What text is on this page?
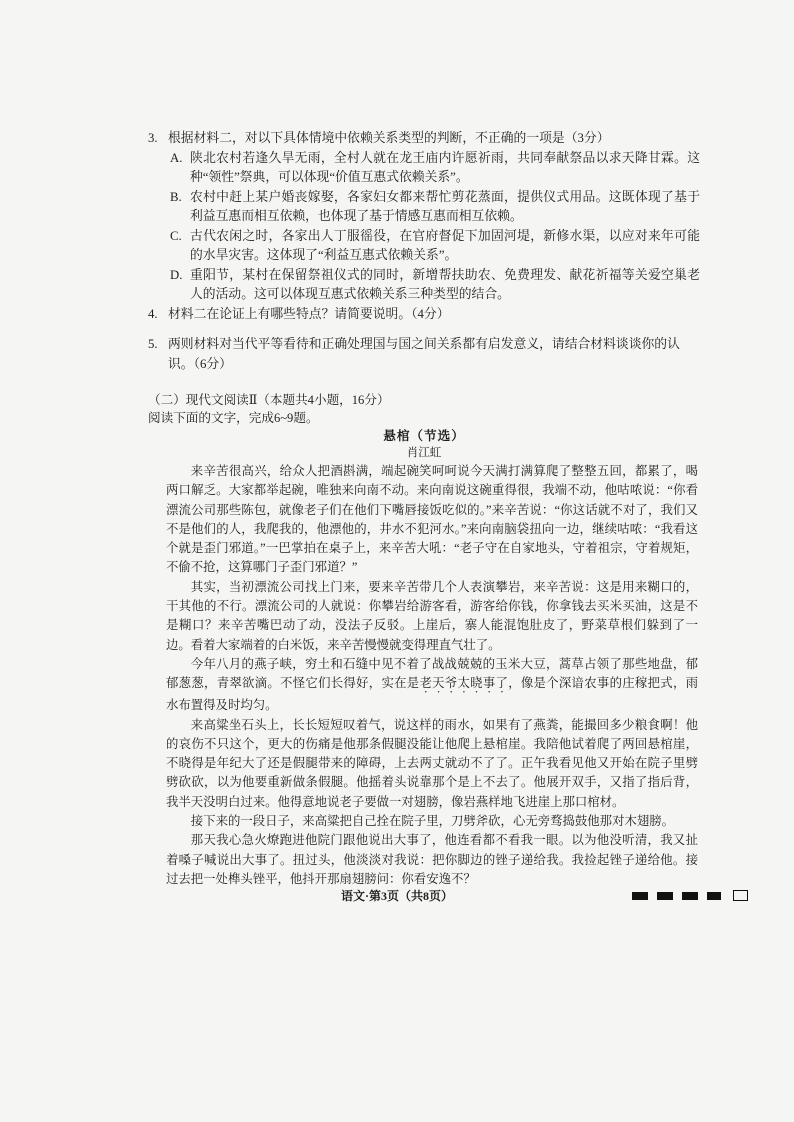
3. 根据材料二，对以下具体情境中依赖关系类型的判断，不正确的一项是（3分）
A. 陕北农村若逢久旱无雨，全村人就在龙王庙内许愿祈雨，共同奉献祭品以求天降甘霖。这种“领性”祭典，可以体现“价值互惠式依赖关系”。
B. 农村中赶上某户婚丧嫁娶，各家妇女都来帮忙剪花蒸面，提供仪式用品。这既体现了基于利益互惠而相互依赖，也体现了基于情感互惠而相互依赖。
C. 古代农闲之时，各家出人丁服徭役，在官府督促下加固河堤，新修水渠，以应对来年可能的水旱灾害。这体现了“利益互惠式依赖关系”。
D. 重阳节，某村在保留祭祖仪式的同时，新增帮扶助农、免费理发、献花祈福等关爱空巢老人的活动。这可以体现互惠式依赖关系三种类型的结合。
4. 材料二在论证上有哪些特点？请简要说明。（4分）
5. 两则材料对当代平等看待和正确处理国与国之间关系都有启发意义，请结合材料谈谈你的认识。（6分）
（二）现代文阅读Ⅱ（本题共4小题，16分）
阅读下面的文字，完成6~9题。
悬棺（节选）
肖江虹

来辛苦很高兴，给众人把酒斟满，端起碗笑呵呵说今天满打满算爬了整整五回，都累了，喝两口解乏。大家都举起碗，唯独来向南不动。来向南说这碗重得很，我端不动，他咕哝说：“你看漂流公司那些陈包，就像老子们在他们下嘴唇接饭吃似的。”来辛苦说：“你这话就不对了，我们又不是他们的人，我爬我的，他漂他的，井水不犯河水。”来向南脑袋扭向一边，继续咕哝：“我看这个就是歪门邪道。”一巴掌拍在桌子上，来辛苦大吼：“老子守在自家地头，守着祖宗，守着规矩，不偷不抢，这算哪门子歪门邪道？”

其实，当初漂流公司找上门来，要来辛苦带几个人表演攀岩，来辛苦说：这是用来糊口的，干其他的不行。漂流公司的人就说：你攀岩给游客看，游客给你钱，你拿钱去买米买油，这是不是糊口？来辛苦嘴巴动了动，没法子反驳。上崖后，寨人能混饱肚皮了，野菜草根们躲到了一边。看着大家端着的白米饭，来辛苦慢慢就变得理直气壮了。

今年八月的燕子峡，穷土和石缝中见不着了战战兢兢的玉米大豆，蒿草占领了那些地盘，郁郁葱葱，青翠欲滴。不怪它们长得好，实在是老天爷太晓事了，像是个深谙农事的庄稼把式，雨水布置得及时均匀。

来高粱坐石头上，长长短短叹着气，说这样的雨水，如果有了燕粪，能撮回多少粮食啊！他的哀伤不只这个，更大的伤痛是他那条假腿没能让他爬上悬棺崖。我陪他试着爬了两回悬棺崖，不晓得是年纪大了还是假腿带来的障碍，上去两丈就动不了了。正午我看见他又开始在院子里劈劈砍砍，以为他要重新做条假腿。他摇着头说靠那个是上不去了。他展开双手，又指了指后背，我半天没明白过来。他得意地说老子要做一对翅膀，像岩燕样地飞进崖上那口棺材。

接下来的一段日子，来高粱把自己拴在院子里，刀劈斧砍，心无旁骛捣鼓他那对木翅膀。

那天我心急火燎跑进他院门跟他说出大事了，他连看都不看我一眼。以为他没听清，我又扯着嗓子喊说出大事了。扭过头，他淡淡对我说：把你脚边的锉子递给我。我捡起锉子递给他。接过去把一处榫头锉平，他抖开那扇翅膀问：你看安逸不？

语文·第3页（共8页）
